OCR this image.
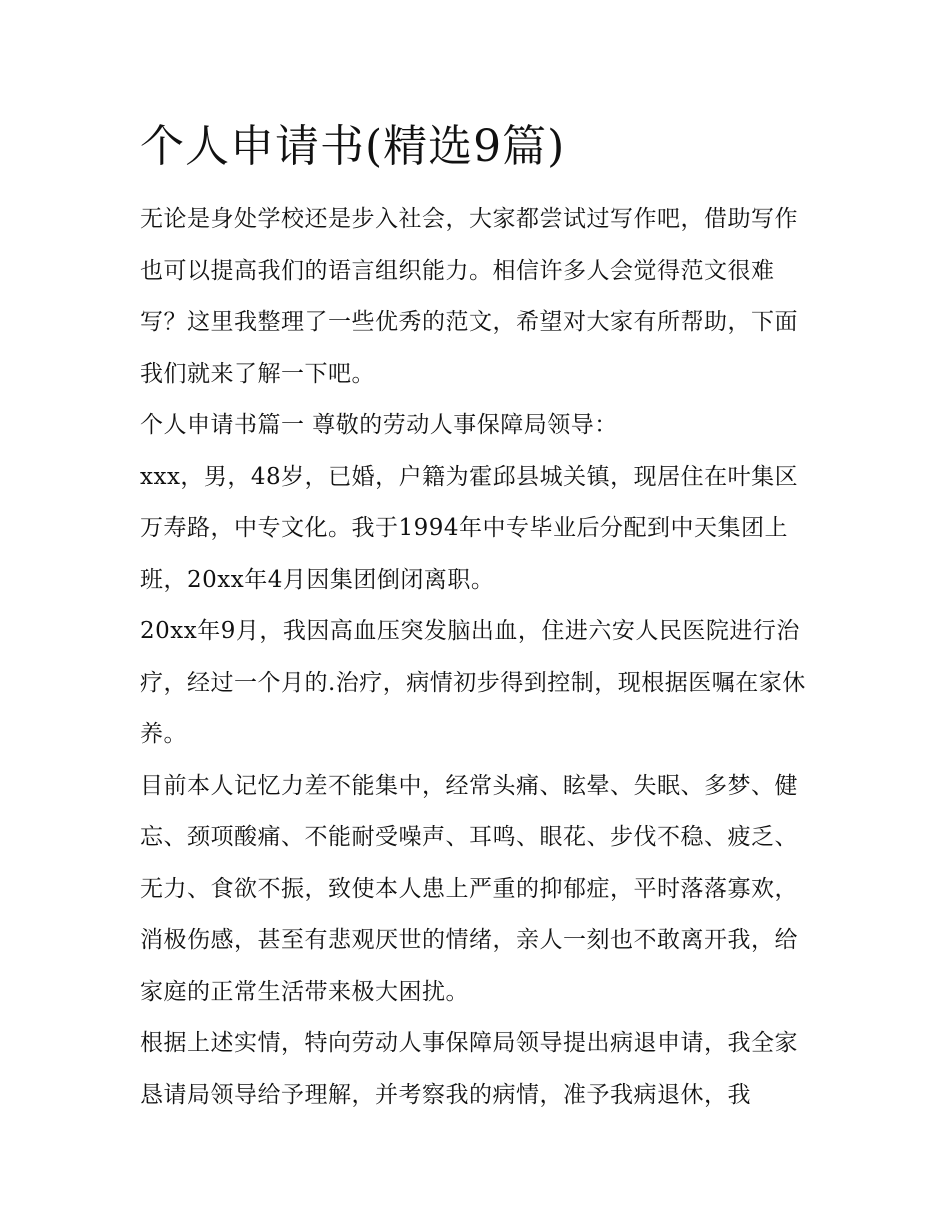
个人申请书(精选9篇)

无论是身处学校还是步入社会，大家都尝试过写作吧，借助写作也可以提高我们的语言组织能力。相信许多人会觉得范文很难写？这里我整理了一些优秀的范文，希望对大家有所帮助，下面我们就来了解一下吧。

个人申请书篇一 尊敬的劳动人事保障局领导：

xxx，男，48岁，已婚，户籍为霍邱县城关镇，现居住在叶集区万寿路，中专文化。我于1994年中专毕业后分配到中天集团上班，20xx年4月因集团倒闭离职。

20xx年9月，我因高血压突发脑出血，住进六安人民医院进行治疗，经过一个月的.治疗，病情初步得到控制，现根据医嘱在家休养。

目前本人记忆力差不能集中，经常头痛、眩晕、失眠、多梦、健忘、颈项酸痛、不能耐受噪声、耳鸣、眼花、步伐不稳、疲乏、无力、食欲不振，致使本人患上严重的抑郁症，平时落落寡欢，消极伤感，甚至有悲观厌世的情绪，亲人一刻也不敢离开我，给家庭的正常生活带来极大困扰。

根据上述实情，特向劳动人事保障局领导提出病退申请，我全家恳请局领导给予理解，并考察我的病情，准予我病退休，我
